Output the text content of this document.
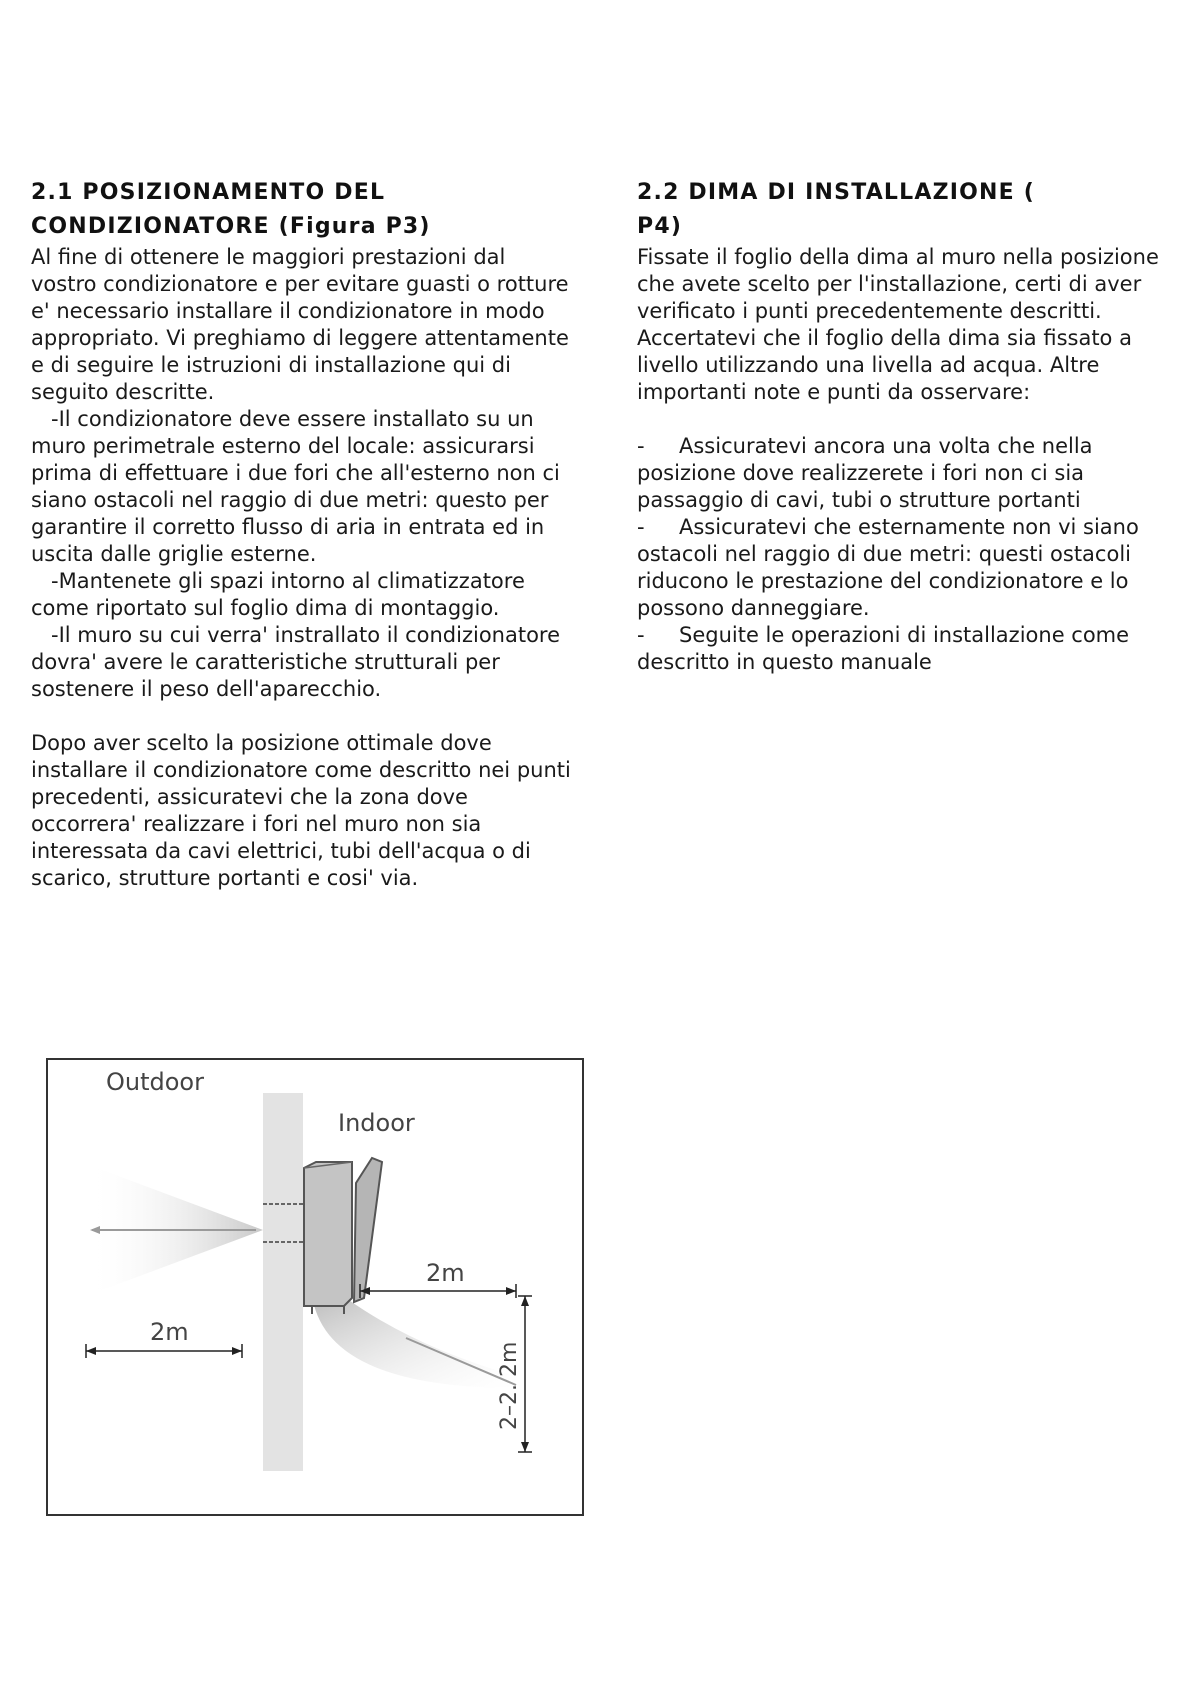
2.1 POSIZIONAMENTO DEL
CONDIZIONATORE (Figura P3)

Al fine di ottenere le maggiori prestazioni dal vostro condizionatore e per evitare guasti o rotture e' necessario installare il condizionatore in modo appropriato. Vi preghiamo di leggere attentamente e di seguire le istruzioni di installazione qui di seguito descritte.

-Il condizionatore deve essere installato su un muro perimetrale esterno del locale: assicurarsi prima di effettuare i due fori che all'esterno non ci siano ostacoli nel raggio di due metri: questo per garantire il corretto flusso di aria in entrata ed in uscita dalle griglie esterne.

-Mantenete gli spazi intorno al climatizzatore come riportato sul foglio dima di montaggio.

-Il muro su cui verra' instrallato il condizionatore dovra' avere le caratteristiche strutturali per sostenere il peso dell'aparecchio.

Dopo aver scelto la posizione ottimale dove installare il condizionatore come descritto nei punti precedenti, assicuratevi che la zona dove occorrera' realizzare i fori nel muro non sia interessata da cavi elettrici, tubi dell'acqua o di scarico, strutture portanti e cosi' via.

2.2 DIMA DI INSTALLAZIONE (
P4)

Fissate il foglio della dima al muro nella posizione che avete scelto per l'installazione, certi di aver verificato i punti precedentemente descritti. Accertatevi che il foglio della dima sia fissato a livello utilizzando una livella ad acqua. Altre importanti note e punti da osservare:

- Assicuratevi ancora una volta che nella posizione dove realizzerete i fori non ci sia passaggio di cavi, tubi o strutture portanti

- Assicuratevi che esternamente non vi siano ostacoli nel raggio di due metri: questi ostacoli riducono le prestazione del condizionatore e lo possono danneggiare.

- Seguite le operazioni di installazione come descritto in questo manuale

Outdoor
Indoor
2m
2m
2–2. 2m
